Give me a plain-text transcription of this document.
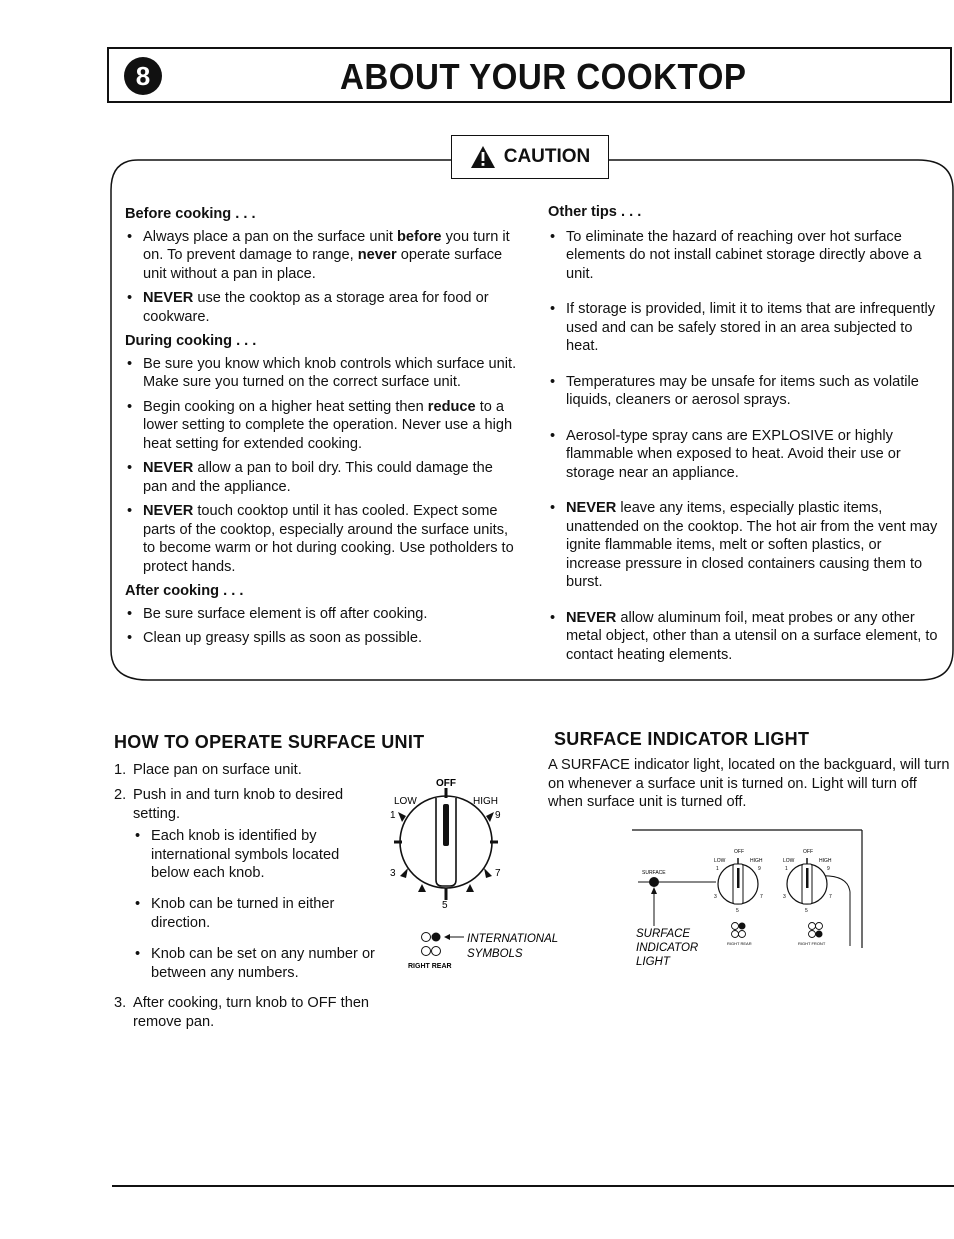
8	ABOUT YOUR COOKTOP
CAUTION
Before cooking . . .
• Always place a pan on the surface unit before you turn it on. To prevent damage to range, never operate surface unit without a pan in place.
• NEVER use the cooktop as a storage area for food or cookware.
During cooking . . .
• Be sure you know which knob controls which surface unit. Make sure you turned on the correct surface unit.
• Begin cooking on a higher heat setting then reduce to a lower setting to complete the operation. Never use a high heat setting for extended cooking.
• NEVER allow a pan to boil dry. This could damage the pan and the appliance.
• NEVER touch cooktop until it has cooled. Expect some parts of the cooktop, especially around the surface units, to become warm or hot during cooking. Use potholders to protect hands.
After cooking . . .
• Be sure surface element is off after cooking.
• Clean up greasy spills as soon as possible.
Other tips . . .
• To eliminate the hazard of reaching over hot surface elements do not install cabinet storage directly above a unit.
• If storage is provided, limit it to items that are infrequently used and can be safely stored in an area subjected to heat.
• Temperatures may be unsafe for items such as volatile liquids, cleaners or aerosol sprays.
• Aerosol-type spray cans are EXPLOSIVE or highly flammable when exposed to heat. Avoid their use or storage near an appliance.
• NEVER leave any items, especially plastic items, unattended on the cooktop. The hot air from the vent may ignite flammable items, melt or soften plastics, or increase pressure in closed containers causing them to burst.
• NEVER allow aluminum foil, meat probes or any other metal object, other than a utensil on a surface element, to contact heating elements.
HOW TO OPERATE SURFACE UNIT
1. Place pan on surface unit.
2. Push in and turn knob to desired setting.
• Each knob is identified by international symbols located below each knob.
• Knob can be turned in either direction.
• Knob can be set on any number or between any numbers.
3. After cooking, turn knob to OFF then remove pan.
OFF
LOW	HIGH
1	9
3	7
5
INTERNATIONAL
SYMBOLS
RIGHT REAR
SURFACE INDICATOR LIGHT
A SURFACE indicator light, located on the backguard, will turn on whenever a surface unit is turned on. Light will turn off when surface unit is turned off.
SURFACE
SURFACE
INDICATOR
LIGHT
OFF
LOW	HIGH
1	9
3	7
5
OFF
LOW	HIGH
1	9
3	7
5
RIGHT REAR	RIGHT FRONT
